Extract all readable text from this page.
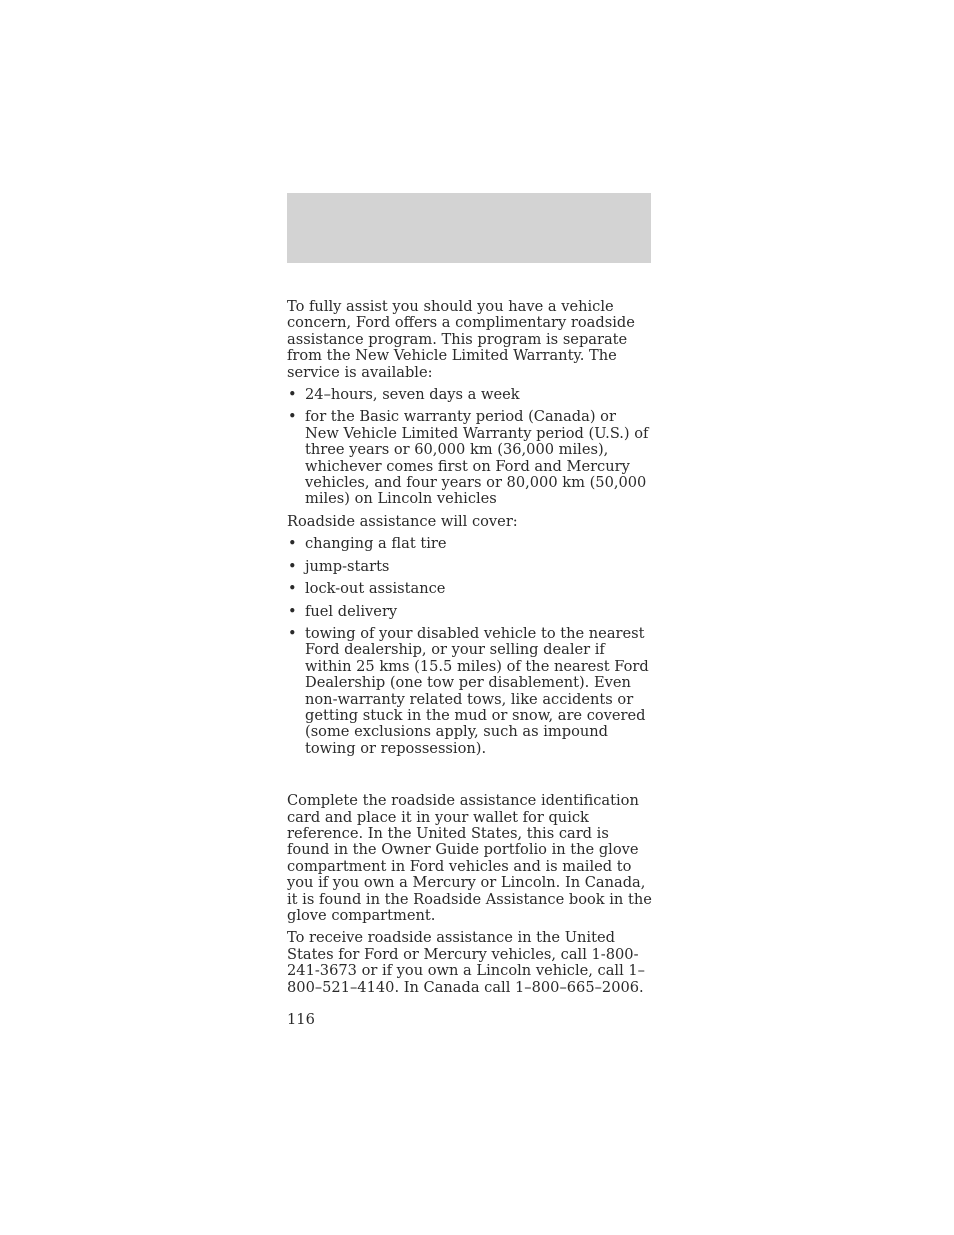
To fully assist you should you have a vehicle concern, Ford offers a complimentary roadside assistance program. This program is separate from the New Vehicle Limited Warranty. The service is available:

• 24–hours, seven days a week
• for the Basic warranty period (Canada) or New Vehicle Limited Warranty period (U.S.) of three years or 60,000 km (36,000 miles), whichever comes first on Ford and Mercury vehicles, and four years or 80,000 km (50,000 miles) on Lincoln vehicles

Roadside assistance will cover:

• changing a flat tire
• jump-starts
• lock-out assistance
• fuel delivery
• towing of your disabled vehicle to the nearest Ford dealership, or your selling dealer if within 25 kms (15.5 miles) of the nearest Ford Dealership (one tow per disablement). Even non-warranty related tows, like accidents or getting stuck in the mud or snow, are covered (some exclusions apply, such as impound towing or repossession).

Complete the roadside assistance identification card and place it in your wallet for quick reference. In the United States, this card is found in the Owner Guide portfolio in the glove compartment in Ford vehicles and is mailed to you if you own a Mercury or Lincoln. In Canada, it is found in the Roadside Assistance book in the glove compartment.

To receive roadside assistance in the United States for Ford or Mercury vehicles, call 1-800-241-3673 or if you own a Lincoln vehicle, call 1–800–521–4140. In Canada call 1–800–665–2006.

116
